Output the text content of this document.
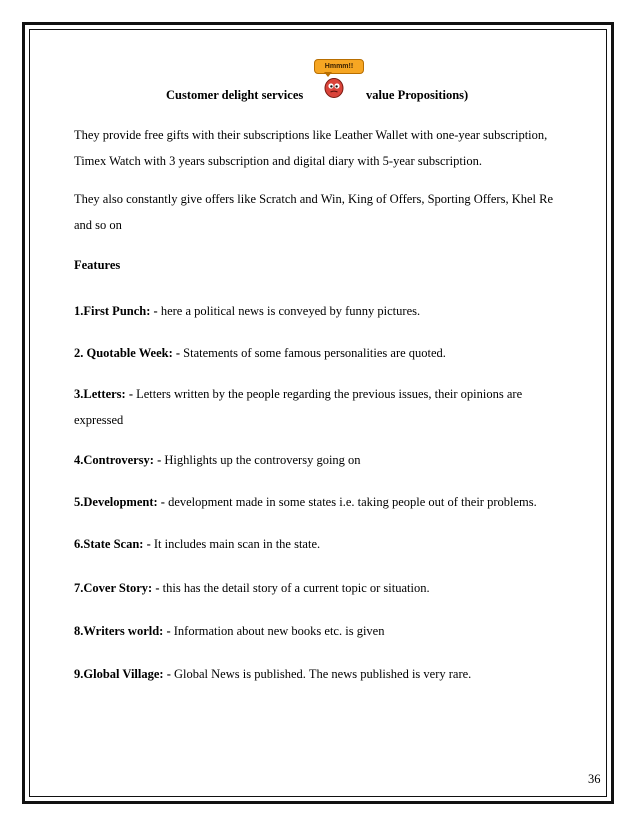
Customer delight services	value Propositions)
Hmmm!!

They provide free gifts with their subscriptions like Leather Wallet with one-year subscription,
Timex Watch with 3 years subscription and digital diary with 5-year subscription.

They also constantly give offers like Scratch and Win, King of Offers, Sporting Offers, Khel Re
and so on

Features

1.First Punch: - here a political news is conveyed by funny pictures.

2. Quotable Week: - Statements of some famous personalities are quoted.

3.Letters: - Letters written by the people regarding the previous issues, their opinions are
expressed

4.Controversy: - Highlights up the controversy going on

5.Development: - development made in some states i.e. taking people out of their problems.

6.State Scan: - It includes main scan in the state.

7.Cover Story: - this has the detail story of a current topic or situation.

8.Writers world: - Information about new books etc. is given

9.Global Village: - Global News is published. The news published is very rare.

36
